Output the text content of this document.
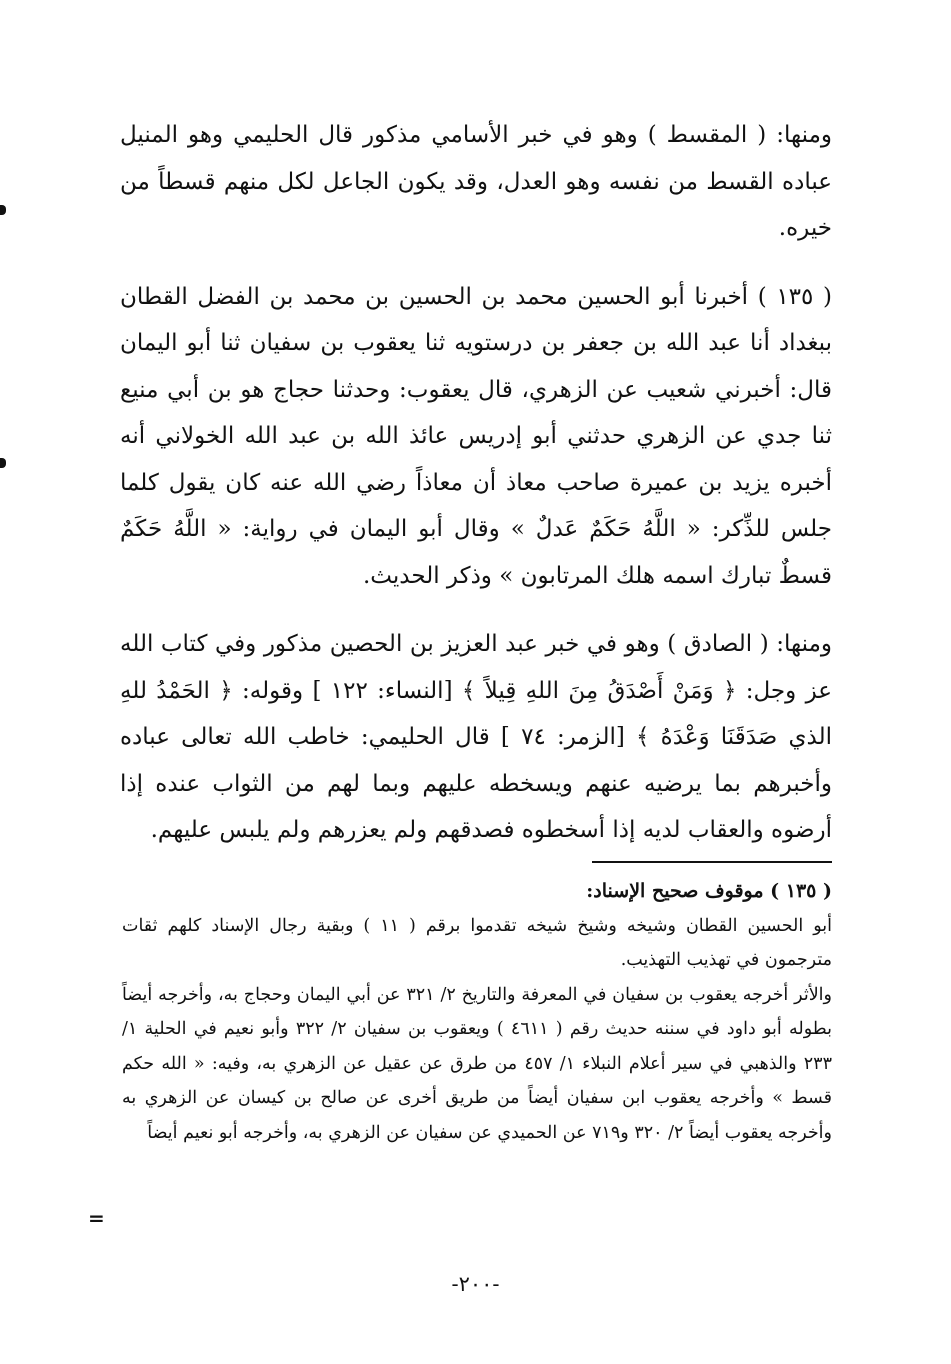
ومنها: ( المقسط ) وهو في خبر الأسامي مذكور قال الحليمي وهو المنيل عباده القسط من نفسه وهو العدل، وقد يكون الجاعل لكل منهم قسطاً من خيره.

( ١٣٥ ) أخبرنا أبو الحسين محمد بن الحسين بن محمد بن الفضل القطان ببغداد أنا عبد الله بن جعفر بن درستويه ثنا يعقوب بن سفيان ثنا أبو اليمان قال: أخبرني شعيب عن الزهري، قال يعقوب: وحدثنا حجاج هو بن أبي منيع ثنا جدي عن الزهري حدثني أبو إدريس عائذ الله بن عبد الله الخولاني أنه أخبره يزيد بن عميرة صاحب معاذ أن معاذاً رضي الله عنه كان يقول كلما جلس للذِّكر: « اللَّهُ حَكَمٌ عَدلٌ » وقال أبو اليمان في رواية: « اللَّهُ حَكَمٌ قسطٌ تبارك اسمه هلك المرتابون » وذكر الحديث.

ومنها: ( الصادق ) وهو في خبر عبد العزيز بن الحصين مذكور وفي كتاب الله عز وجل: ﴿ وَمَنْ أَصْدَقُ مِنَ اللهِ قِيلاً ﴾ [النساء: ١٢٢ ] وقوله: ﴿ الحَمْدُ للهِ الذي صَدَقَنَا وَعْدَهُ ﴾ [الزمر: ٧٤ ] قال الحليمي: خاطب الله تعالى عباده وأخبرهم بما يرضيه عنهم ويسخطه عليهم وبما لهم من الثواب عنده إذا أرضوه والعقاب لديه إذا أسخطوه فصدقهم ولم يعزرهم ولم يلبس عليهم.

( ١٣٥ ) موقوف صحيح الإسناد:

أبو الحسين القطان وشيخه وشيخ شيخه تقدموا برقم ( ١١ ) وبقية رجال الإسناد كلهم ثقات مترجمون في تهذيب التهذيب.

والأثر أخرجه يعقوب بن سفيان في المعرفة والتاريخ ٢/ ٣٢١ عن أبي اليمان وحجاج به، وأخرجه أيضاً بطوله أبو داود في سننه حديث رقم ( ٤٦١١ ) ويعقوب بن سفيان ٢/ ٣٢٢ وأبو نعيم في الحلية ١/ ٢٣٣ والذهبي في سير أعلام النبلاء ١/ ٤٥٧ من طرق عن عقيل عن الزهري به، وفيه: « الله حكم قسط » وأخرجه يعقوب ابن سفيان أيضاً من طريق أخرى عن صالح بن كيسان عن الزهري به وأخرجه يعقوب أيضاً ٢/ ٣٢٠ و٧١٩ عن الحميدي عن سفيان عن الزهري به، وأخرجه أبو نعيم أيضاً

=
-٢٠٠-
